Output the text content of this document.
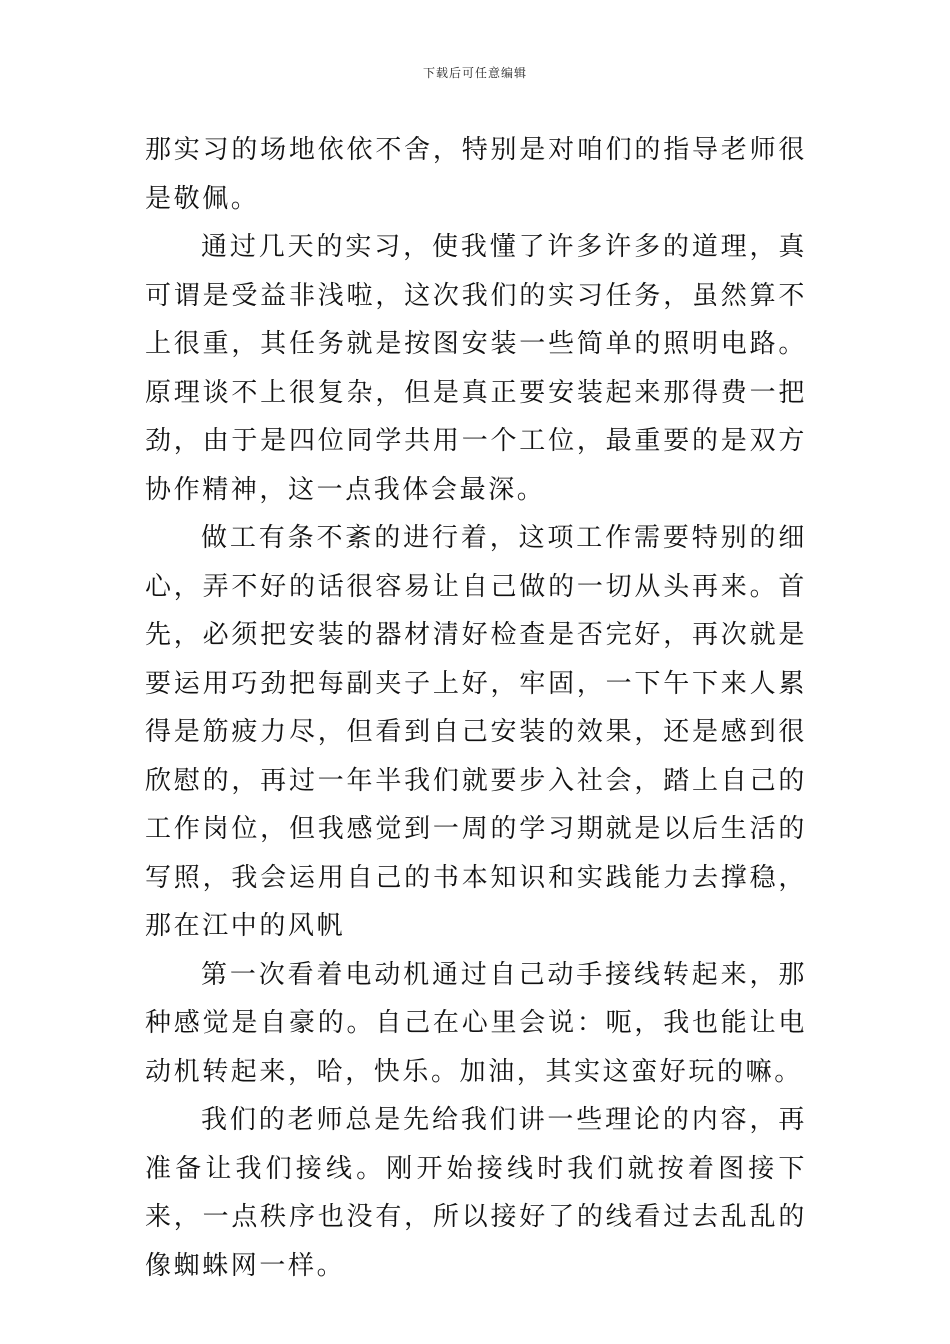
下载后可任意编辑

那实习的场地依依不舍，特别是对咱们的指导老师很是敬佩。

通过几天的实习，使我懂了许多许多的道理，真可谓是受益非浅啦，这次我们的实习任务，虽然算不上很重，其任务就是按图安装一些简单的照明电路。原理谈不上很复杂，但是真正要安装起来那得费一把劲，由于是四位同学共用一个工位，最重要的是双方协作精神，这一点我体会最深。

做工有条不紊的进行着，这项工作需要特别的细心，弄不好的话很容易让自己做的一切从头再来。首先，必须把安装的器材清好检查是否完好，再次就是要运用巧劲把每副夹子上好，牢固，一下午下来人累得是筋疲力尽，但看到自己安装的效果，还是感到很欣慰的，再过一年半我们就要步入社会，踏上自己的工作岗位，但我感觉到一周的学习期就是以后生活的写照，我会运用自己的书本知识和实践能力去撑稳，那在江中的风帆

第一次看着电动机通过自己动手接线转起来，那种感觉是自豪的。自己在心里会说：呃，我也能让电动机转起来，哈，快乐。加油，其实这蛮好玩的嘛。

我们的老师总是先给我们讲一些理论的内容，再准备让我们接线。刚开始接线时我们就按着图接下来，一点秩序也没有，所以接好了的线看过去乱乱的像蜘蛛网一样。
